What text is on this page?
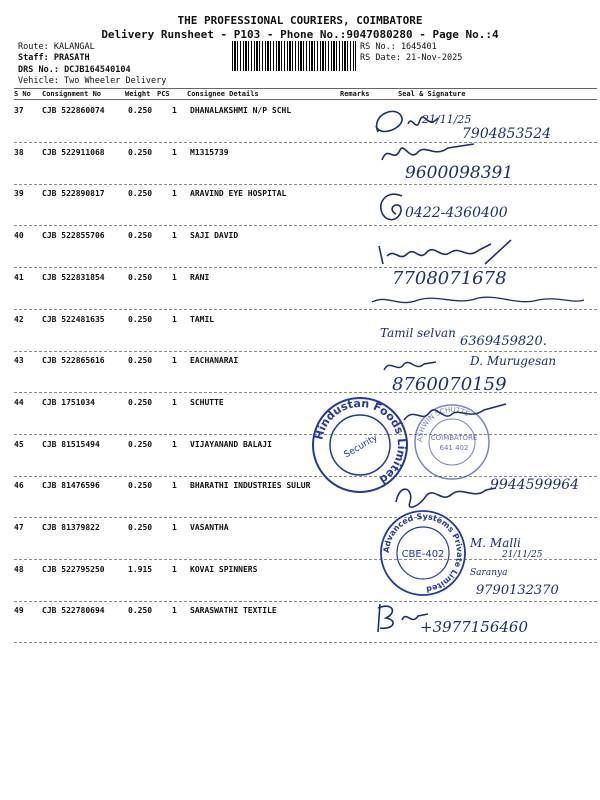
THE PROFESSIONAL COURIERS, COIMBATORE
Delivery Runsheet - P103 - Phone No.:9047080280 - Page No.:4
Route: KALANGAL
Staff: PRASATH
DRS No.: DCJB164540104
Vehicle: Two Wheeler Delivery
RS No.: 1645401
RS Date: 21-Nov-2025
S No Consignment No	Weight PCS Consignee Details	Remarks	Seal & Signature
37 CJB 522860074	0.250 1 DHANALAKSHMI N/P SCHL
38 CJB 522911068	0.250 1 M1315739
39 CJB 522890817	0.250 1 ARAVIND EYE HOSPITAL
40 CJB 522855706	0.250 1 SAJI DAVID
41 CJB 522831854	0.250 1 RANI
42 CJB 522481635	0.250 1 TAMIL
43 CJB 522865616	0.250 1 EACHANARAI
44 CJB 1751034	0.250 1 SCHUTTE
45 CJB 81515494	0.250 1 VIJAYANAND BALAJI
46 CJB 81476596	0.250 1 BHARATHI INDUSTRIES SULUR
47 CJB 81379822	0.250 1 VASANTHA
48 CJB 522795250	1.915 1 KOVAI SPINNERS
49 CJB 522780694	0.250 1 SARASWATHI TEXTILE
21/11/25
7904853524
9600098391
0422-4360400
7708071678
Tamil selvan
6369459820.
D. Murugesan
8760070159
Hindustan Foods Limited
Security	ASHWIN SCHUTTE
COIMBATORE
641 402
9944599964
Advanced Systems Private Limited
CBE-402
M. Malli
21/11/25
Saranya
9790132370
+3977156460
